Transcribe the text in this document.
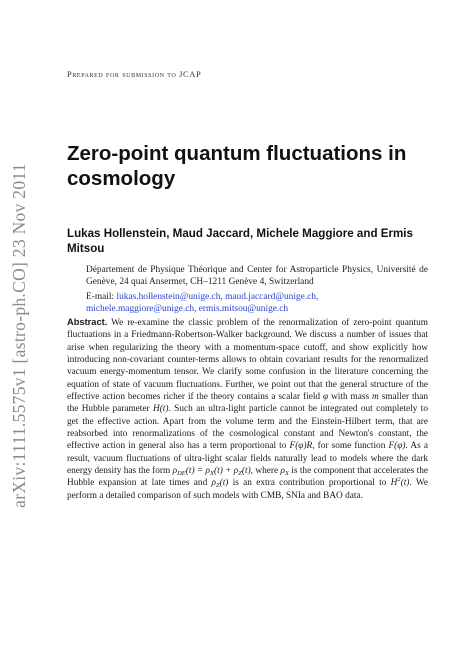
arXiv:1111.5575v1 [astro-ph.CO] 23 Nov 2011
Prepared for submission to JCAP
Zero-point quantum fluctuations in cosmology
Lukas Hollenstein, Maud Jaccard, Michele Maggiore and Ermis Mitsou
Département de Physique Théorique and Center for Astroparticle Physics, Université de Genève, 24 quai Ansermet, CH–1211 Genève 4, Switzerland
E-mail: lukas.hollenstein@unige.ch, maud.jaccard@unige.ch,
michele.maggiore@unige.ch, ermis.mitsou@unige.ch
Abstract. We re-examine the classic problem of the renormalization of zero-point quantum fluctuations in a Friedmann-Robertson-Walker background. We discuss a number of issues that arise when regularizing the theory with a momentum-space cutoff, and show explicitly how introducing non-covariant counter-terms allows to obtain covariant results for the renormalized vacuum energy-momentum tensor. We clarify some confusion in the literature concerning the equation of state of vacuum fluctuations. Further, we point out that the general structure of the effective action becomes richer if the theory contains a scalar field φ with mass m smaller than the Hubble parameter H(t). Such an ultra-light particle cannot be integrated out completely to get the effective action. Apart from the volume term and the Einstein-Hilbert term, that are reabsorbed into renormalizations of the cosmological constant and Newton's constant, the effective action in general also has a term proportional to F(φ)R, for some function F(φ). As a result, vacuum fluctuations of ultra-light scalar fields naturally lead to models where the dark energy density has the form $\rho_{DE}(t) = \rho_X(t) + \rho_Z(t)$, where $\rho_X$ is the component that accelerates the Hubble expansion at late times and $\rho_Z(t)$ is an extra contribution proportional to $H^2(t)$. We perform a detailed comparison of such models with CMB, SNIa and BAO data.
